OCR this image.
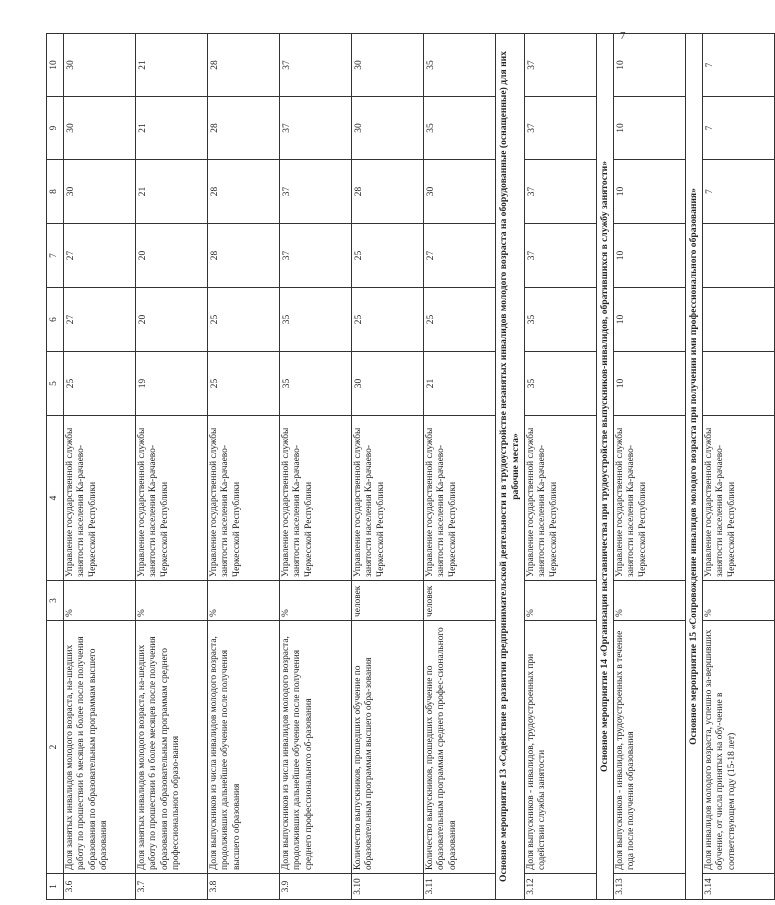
7
1	2	3	4	5	6	7	8	9	10
3.6	Доля занятых инвалидов молодого возраста, на-шедших работу по прошествии 6 месяцев и более после получения образования по образовательным программам высшего образования	%	Управление государственной службы занятости населения Ка-рачаево-Черкесской Республики	25	27	27	30	30	30
3.7	Доля занятых инвалидов молодого возраста, на-шедших работу по прошествии 6 и более месяцев после получения образования по образовательным программам среднего профессионального образо-вания	%	Управление государственной службы занятости населения Ка-рачаево-Черкесской Республики	19	20	20	21	21	21
3.8	Доля выпускников из числа инвалидов молодого возраста, продолживших дальнейшее обучение после получения высшего образования	%	Управление государственной службы занятости населения Ка-рачаево-Черкесской Республики	25	25	28	28	28	28
3.9	Доля выпускников из числа инвалидов молодого возраста, продолживших дальнейшее обучение после получения среднего профессионального об-разования	%	Управление государственной службы занятости населения Ка-рачаево-Черкесской Республики	35	35	37	37	37	37
3.10	Количество выпускников, прошедших обучение по образовательным программам высшего обра-зования	человек	Управление государственной службы занятости населения Ка-рачаево-Черкесской Республики	30	25	25	28	30	30
3.11	Количество выпускников, прошедших обучение по образовательным программам среднего профес-сионального образования	человек	Управление государственной службы занятости населения Ка-рачаево-Черкесской Республики	21	25	27	30	35	35
Основное мероприятие 13 «Содействие в развитии предпринимательской деятельности и в трудоустройстве незанятых инвалидов молодого возраста на оборудованные (оснащенные) для них рабочие места»									
3.12	Доля выпускников - инвалидов, трудоустроенных при содействии службы занятости	%	Управление государственной службы занятости населения Ка-рачаево-Черкесской Республики	35	35	37	37	37	37
Основное мероприятие 14 «Организация наставничества при трудоустройстве выпускников-инвалидов, обратившихся в службу занятости»									
3.13	Доля выпускников - инвалидов, трудоустроенных в течение года после получения образования	%	Управление государственной службы занятости населения Ка-рачаево-Черкесской Республики	10	10	10	10	10	10
Основное мероприятие 15 «Сопровождение инвалидов молодого возраста при получении ими профессионального образования»									
3.14	Доля инвалидов молодого возраста, успешно за-вершивших обучение, от числа принятых на обу-чение в соответствующем году (15-18 лет)	%	Управление государственной службы занятости населения Ка-рачаево-Черкесской Республики				7	7	7
